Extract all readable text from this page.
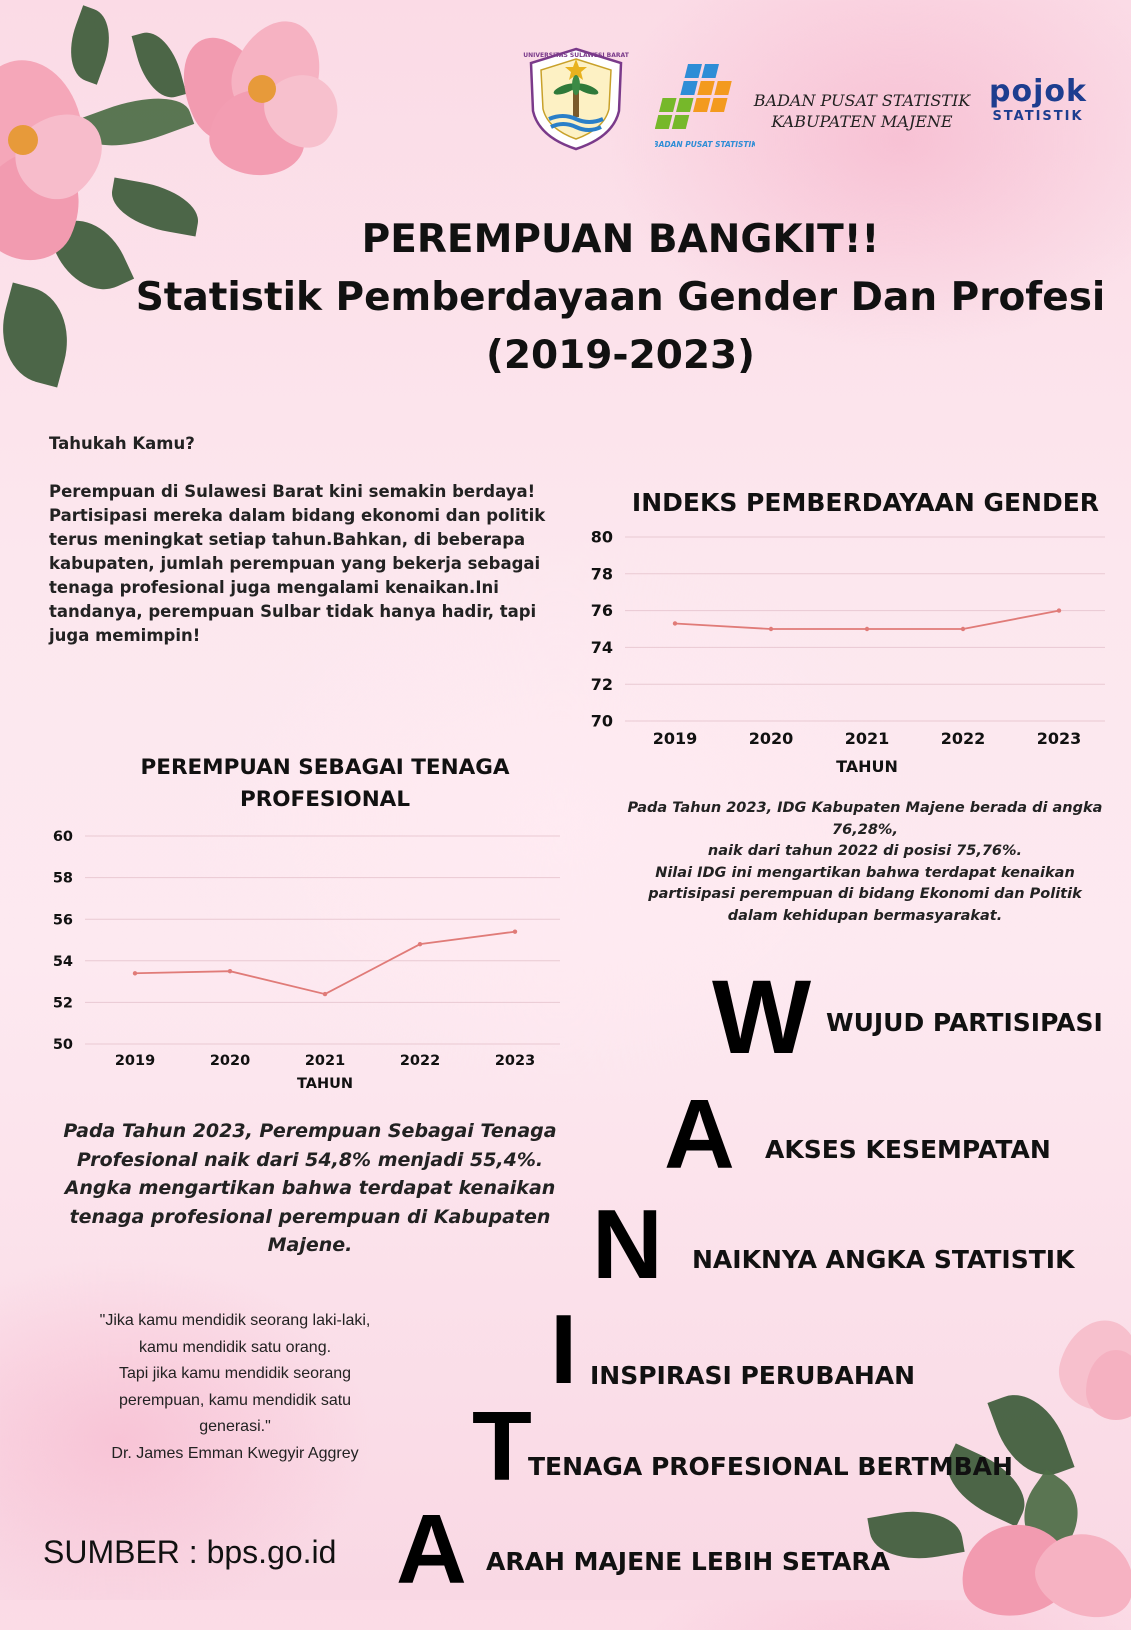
UNIVERSITAS SULAWESI BARAT
BADAN PUSAT STATISTIK
BADAN PUSAT STATISTIK
KABUPATEN MAJENE
pojok
STATISTIK
PEREMPUAN BANGKIT!!
Statistik Pemberdayaan Gender Dan Profesi
(2019-2023)
Tahukah Kamu?
Perempuan di Sulawesi Barat kini semakin berdaya! Partisipasi mereka dalam bidang ekonomi dan politik terus meningkat setiap tahun.Bahkan, di beberapa kabupaten, jumlah perempuan yang bekerja sebagai tenaga profesional juga mengalami kenaikan.Ini tandanya, perempuan Sulbar tidak hanya hadir, tapi juga memimpin!
INDEKS PEMBERDAYAAN GENDER
70
72
74
76
78
80
2019	2020	2021	2022	2023
TAHUN
Pada Tahun 2023, IDG Kabupaten Majene berada di angka
76,28%,
naik dari tahun 2022 di posisi 75,76%.
Nilai IDG ini mengartikan bahwa terdapat kenaikan
partisipasi perempuan di bidang Ekonomi dan Politik
dalam kehidupan bermasyarakat.
PEREMPUAN SEBAGAI TENAGA PROFESIONAL
50
52
54
56
58
60
2019	2020	2021	2022	2023
TAHUN
Pada Tahun 2023, Perempuan Sebagai Tenaga
Profesional naik dari 54,8% menjadi 55,4%.
Angka mengartikan bahwa terdapat kenaikan
tenaga profesional perempuan di Kabupaten
Majene.
"Jika kamu mendidik seorang laki-laki,
kamu mendidik satu orang.
Tapi jika kamu mendidik seorang
perempuan, kamu mendidik satu
generasi."
Dr. James Emman Kwegyir Aggrey
W WUJUD PARTISIPASI
A AKSES KESEMPATAN
N NAIKNYA ANGKA STATISTIK
I INSPIRASI PERUBAHAN
T
TENAGA PROFESIONAL BERTMBAH
A ARAH MAJENE LEBIH SETARA
SUMBER : bps.go.id
